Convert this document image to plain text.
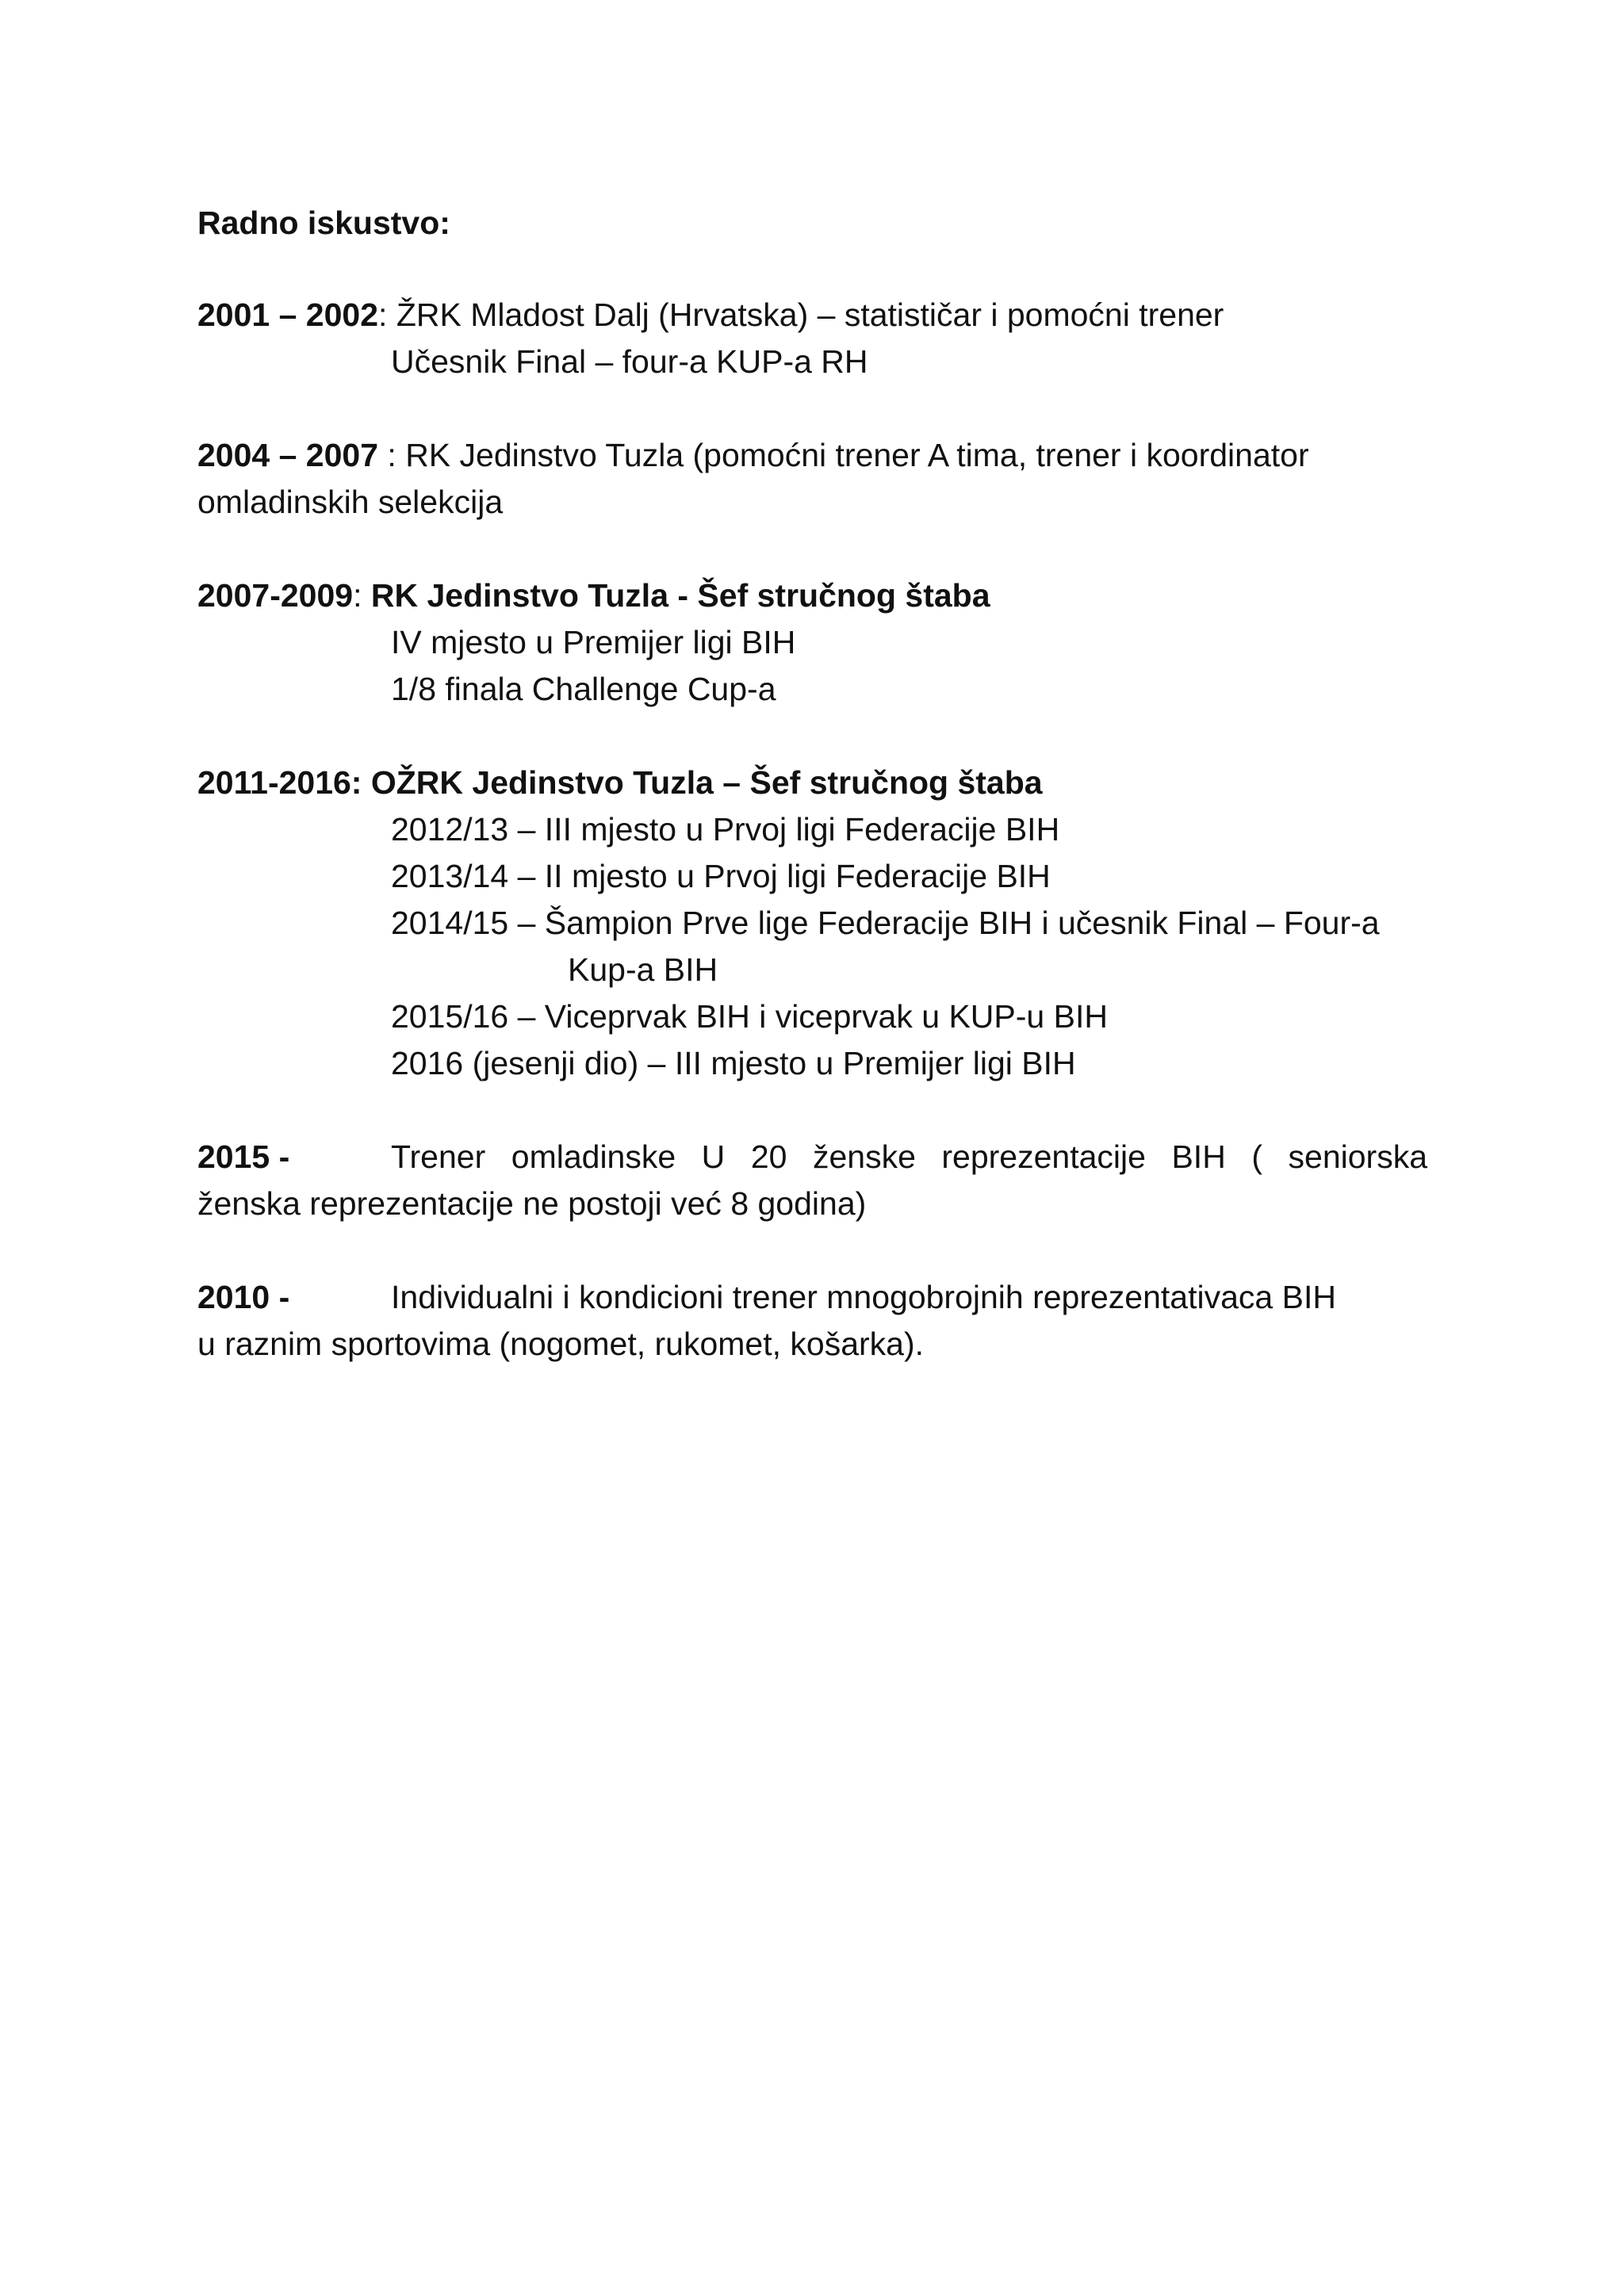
Radno iskustvo:
2001 – 2002: ŽRK Mladost Dalj (Hrvatska) – statističar i pomoćni trener
Učesnik Final – four-a KUP-a RH
2004 – 2007 : RK Jedinstvo Tuzla (pomoćni trener A tima, trener i koordinator
omladinskih selekcija
2007-2009: RK Jedinstvo Tuzla - Šef stručnog štaba
IV mjesto u Premijer ligi BIH
1/8 finala Challenge Cup-a
2011-2016: OŽRK Jedinstvo Tuzla – Šef stručnog štaba
2012/13 – III mjesto u Prvoj ligi Federacije BIH
2013/14 – II mjesto u Prvoj ligi Federacije BIH
2014/15 – Šampion Prve lige Federacije BIH i učesnik Final – Four-a
Kup-a BIH
2015/16 – Viceprvak BIH i viceprvak u KUP-u BIH
2016 (jesenji dio) – III mjesto u Premijer ligi BIH
2015 -	Trener  omladinske  U  20  ženske  reprezentacije  BIH  (  seniorska
ženska reprezentacije ne postoji već 8 godina)
2010 -	Individualni i kondicioni trener mnogobrojnih reprezentativaca BIH
u raznim sportovima (nogomet, rukomet, košarka).
